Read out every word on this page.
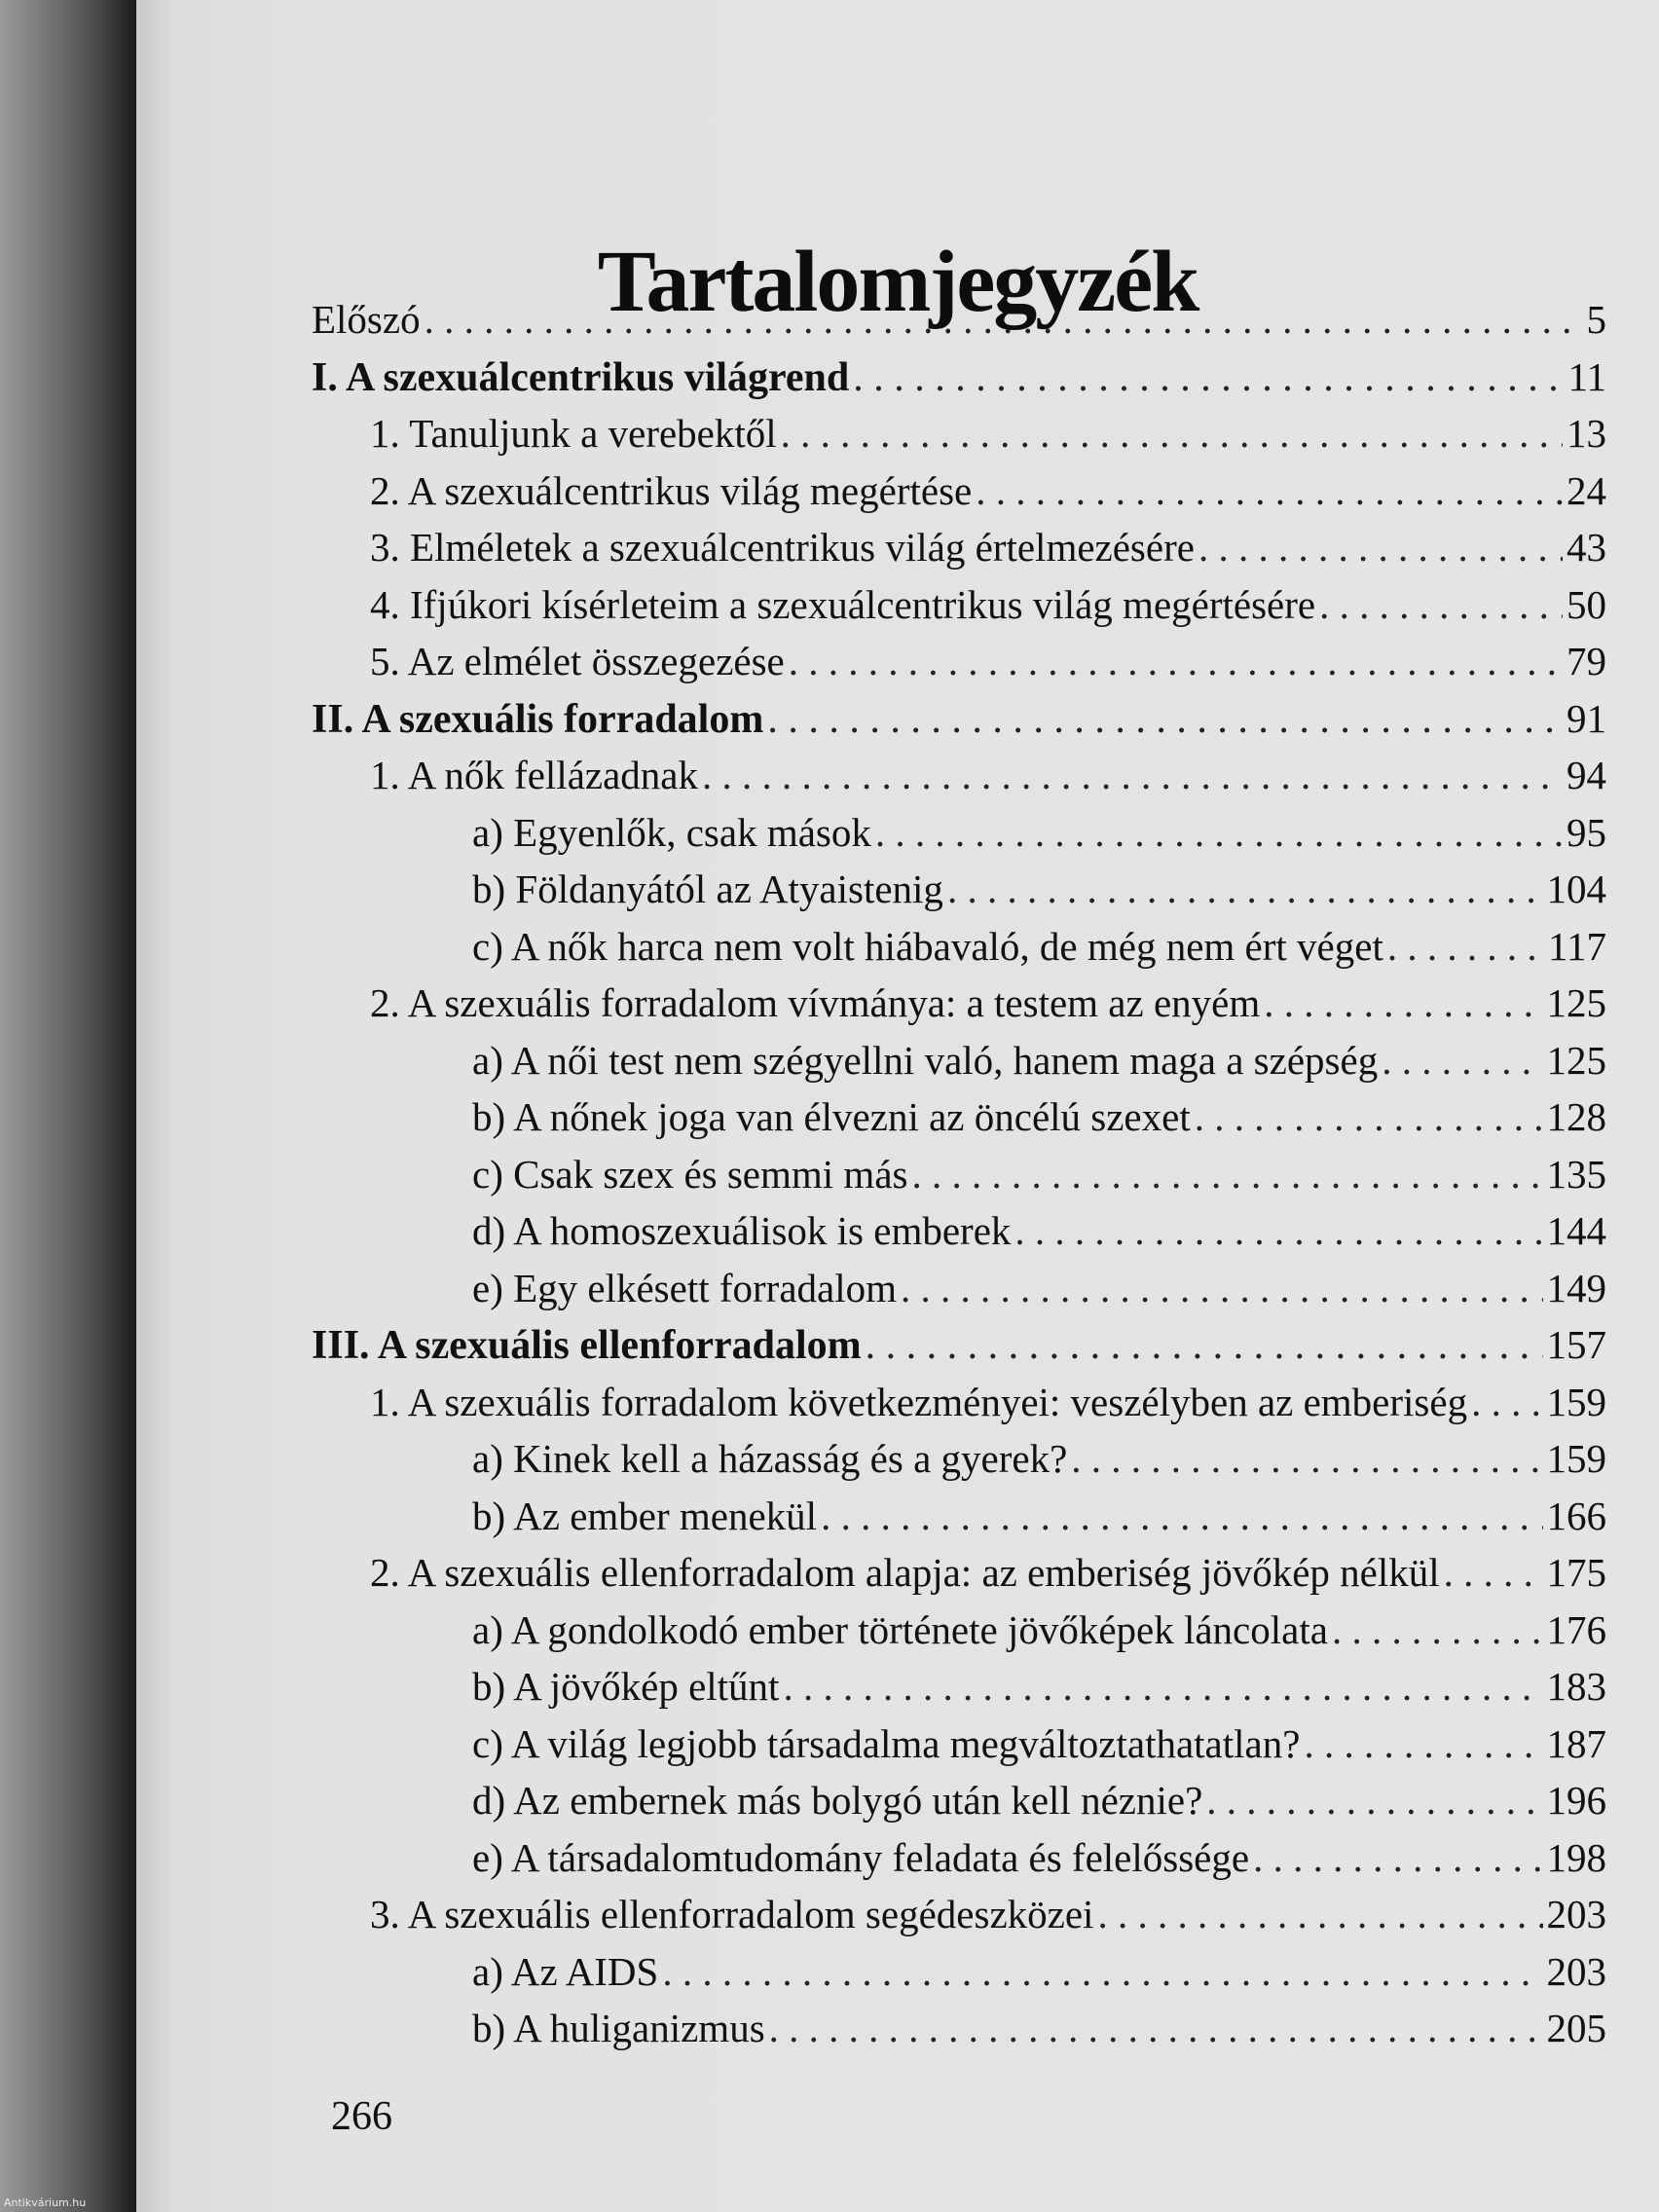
Tartalomjegyzék
Előszó . . .	5
I. A szexuálcentrikus világrend . . .	11
1. Tanuljunk a verebektől . . .	13
2. A szexuálcentrikus világ megértése . . .	24
3. Elméletek a szexuálcentrikus világ értelmezésére . . .	43
4. Ifjúkori kísérleteim a szexuálcentrikus világ megértésére . . .	50
5. Az elmélet összegezése . . .	79
II. A szexuális forradalom . . .	91
1. A nők fellázadnak . . .	94
a) Egyenlők, csak mások . . .	95
b) Földanyától az Atyaistenig . . .	104
c) A nők harca nem volt hiábavaló, de még nem ért véget . . .	117
2. A szexuális forradalom vívmánya: a testem az enyém . . .	125
a) A női test nem szégyellni való, hanem maga a szépség . . .	125
b) A nőnek joga van élvezni az öncélú szexet . . .	128
c) Csak szex és semmi más . . .	135
d) A homoszexuálisok is emberek . . .	144
e) Egy elkésett forradalom . . .	149
III. A szexuális ellenforradalom . . .	157
1. A szexuális forradalom következményei: veszélyben az emberiség . . . 159
a) Kinek kell a házasság és a gyerek? . . .	159
b) Az ember menekül . . .	166
2. A szexuális ellenforradalom alapja: az emberiség jövőkép nélkül . . .	175
a) A gondolkodó ember története jövőképek láncolata . . .	176
b) A jövőkép eltűnt . . .	183
c) A világ legjobb társadalma megváltoztathatatlan? . . .	187
d) Az embernek más bolygó után kell néznie? . . .	196
e) A társadalomtudomány feladata és felelőssége . . .	198
3. A szexuális ellenforradalom segédeszközei . . .	203
a) Az AIDS . . .	203
b) A huliganizmus . . .	205
266
Antikvárium.hu
